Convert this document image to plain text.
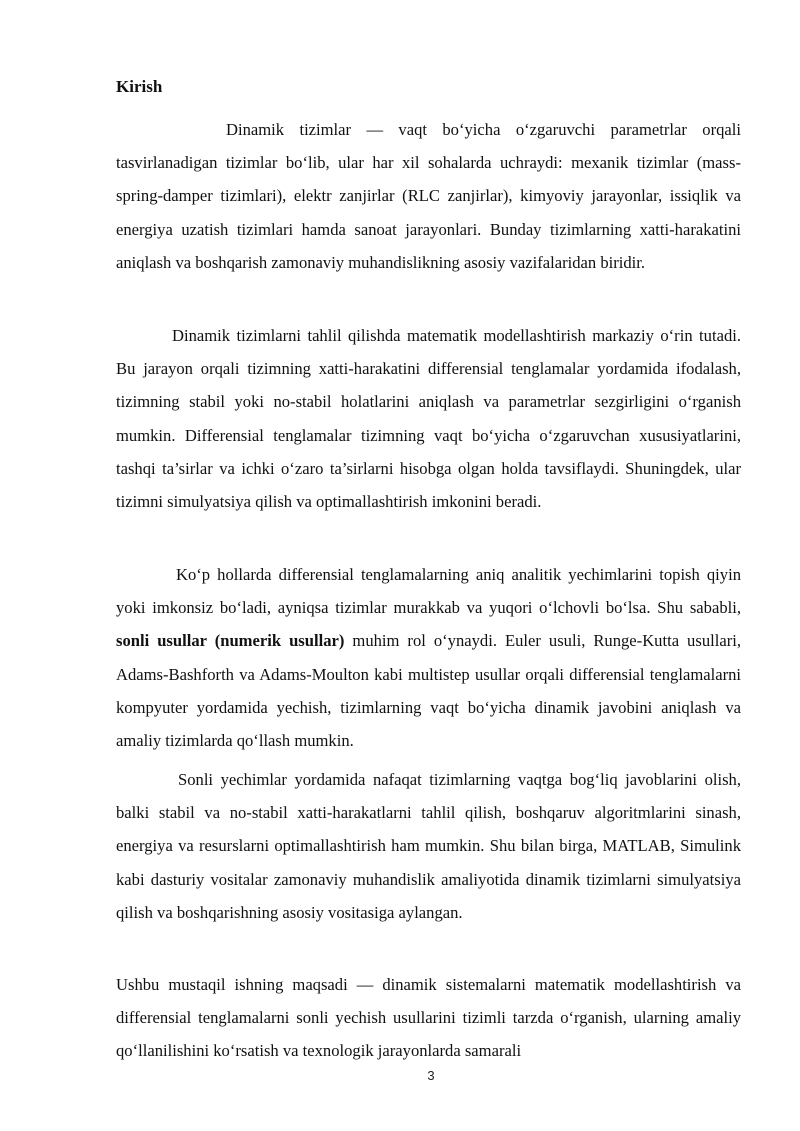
Kirish

Dinamik tizimlar — vaqt bo‘yicha o‘zgaruvchi parametrlar orqali tasvirlanadigan tizimlar bo‘lib, ular har xil sohalarda uchraydi: mexanik tizimlar (mass-spring-damper tizimlari), elektr zanjirlar (RLC zanjirlar), kimyoviy jarayonlar, issiqlik va energiya uzatish tizimlari hamda sanoat jarayonlari. Bunday tizimlarning xatti-harakatini aniqlash va boshqarish zamonaviy muhandislikning asosiy vazifalaridan biridir.

Dinamik tizimlarni tahlil qilishda matematik modellashtirish markaziy o‘rin tutadi. Bu jarayon orqali tizimning xatti-harakatini differensial tenglamalar yordamida ifodalash, tizimning stabil yoki no-stabil holatlarini aniqlash va parametrlar sezgirligini o‘rganish mumkin. Differensial tenglamalar tizimning vaqt bo‘yicha o‘zgaruvchan xususiyatlarini, tashqi ta’sirlar va ichki o‘zaro ta’sirlarni hisobga olgan holda tavsiflaydi. Shuningdek, ular tizimni simulyatsiya qilish va optimallashtirish imkonini beradi.

Ko‘p hollarda differensial tenglamalarning aniq analitik yechimlarini topish qiyin yoki imkonsiz bo‘ladi, ayniqsa tizimlar murakkab va yuqori o‘lchovli bo‘lsa. Shu sababli, sonli usullar (numerik usullar) muhim rol o‘ynaydi. Euler usuli, Runge-Kutta usullari, Adams-Bashforth va Adams-Moulton kabi multistep usullar orqali differensial tenglamalarni kompyuter yordamida yechish, tizimlarning vaqt bo‘yicha dinamik javobini aniqlash va amaliy tizimlarda qo‘llash mumkin.

Sonli yechimlar yordamida nafaqat tizimlarning vaqtga bog‘liq javoblarini olish, balki stabil va no-stabil xatti-harakatlarni tahlil qilish, boshqaruv algoritmlarini sinash, energiya va resurslarni optimallashtirish ham mumkin. Shu bilan birga, MATLAB, Simulink kabi dasturiy vositalar zamonaviy muhandislik amaliyotida dinamik tizimlarni simulyatsiya qilish va boshqarishning asosiy vositasiga aylangan.

Ushbu mustaqil ishning maqsadi — dinamik sistemalarni matematik modellashtirish va differensial tenglamalarni sonli yechish usullarini tizimli tarzda o‘rganish, ularning amaliy qo‘llanilishini ko‘rsatish va texnologik jarayonlarda samarali

3
